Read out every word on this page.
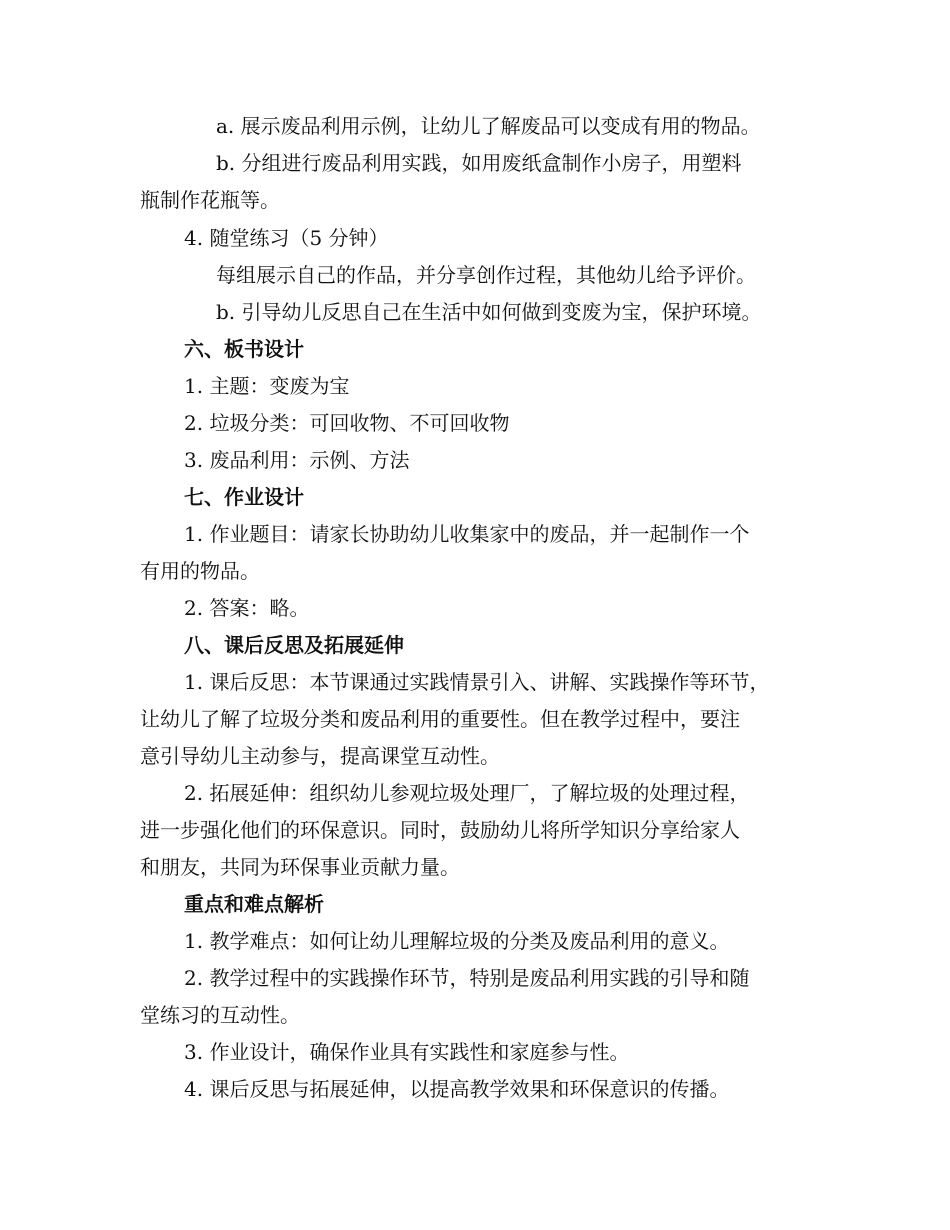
a. 展示废品利用示例，让幼儿了解废品可以变成有用的物品。
b. 分组进行废品利用实践，如用废纸盒制作小房子，用塑料
瓶制作花瓶等。
4. 随堂练习（5 分钟）
每组展示自己的作品，并分享创作过程，其他幼儿给予评价。
b. 引导幼儿反思自己在生活中如何做到变废为宝，保护环境。
六、板书设计
1. 主题：变废为宝
2. 垃圾分类：可回收物、不可回收物
3. 废品利用：示例、方法
七、作业设计
1. 作业题目：请家长协助幼儿收集家中的废品，并一起制作一个
有用的物品。
2. 答案：略。
八、课后反思及拓展延伸
1. 课后反思：本节课通过实践情景引入、讲解、实践操作等环节，
让幼儿了解了垃圾分类和废品利用的重要性。但在教学过程中，要注
意引导幼儿主动参与，提高课堂互动性。
2. 拓展延伸：组织幼儿参观垃圾处理厂，了解垃圾的处理过程，
进一步强化他们的环保意识。同时，鼓励幼儿将所学知识分享给家人
和朋友，共同为环保事业贡献力量。
重点和难点解析
1. 教学难点：如何让幼儿理解垃圾的分类及废品利用的意义。
2. 教学过程中的实践操作环节，特别是废品利用实践的引导和随
堂练习的互动性。
3. 作业设计，确保作业具有实践性和家庭参与性。
4. 课后反思与拓展延伸，以提高教学效果和环保意识的传播。
